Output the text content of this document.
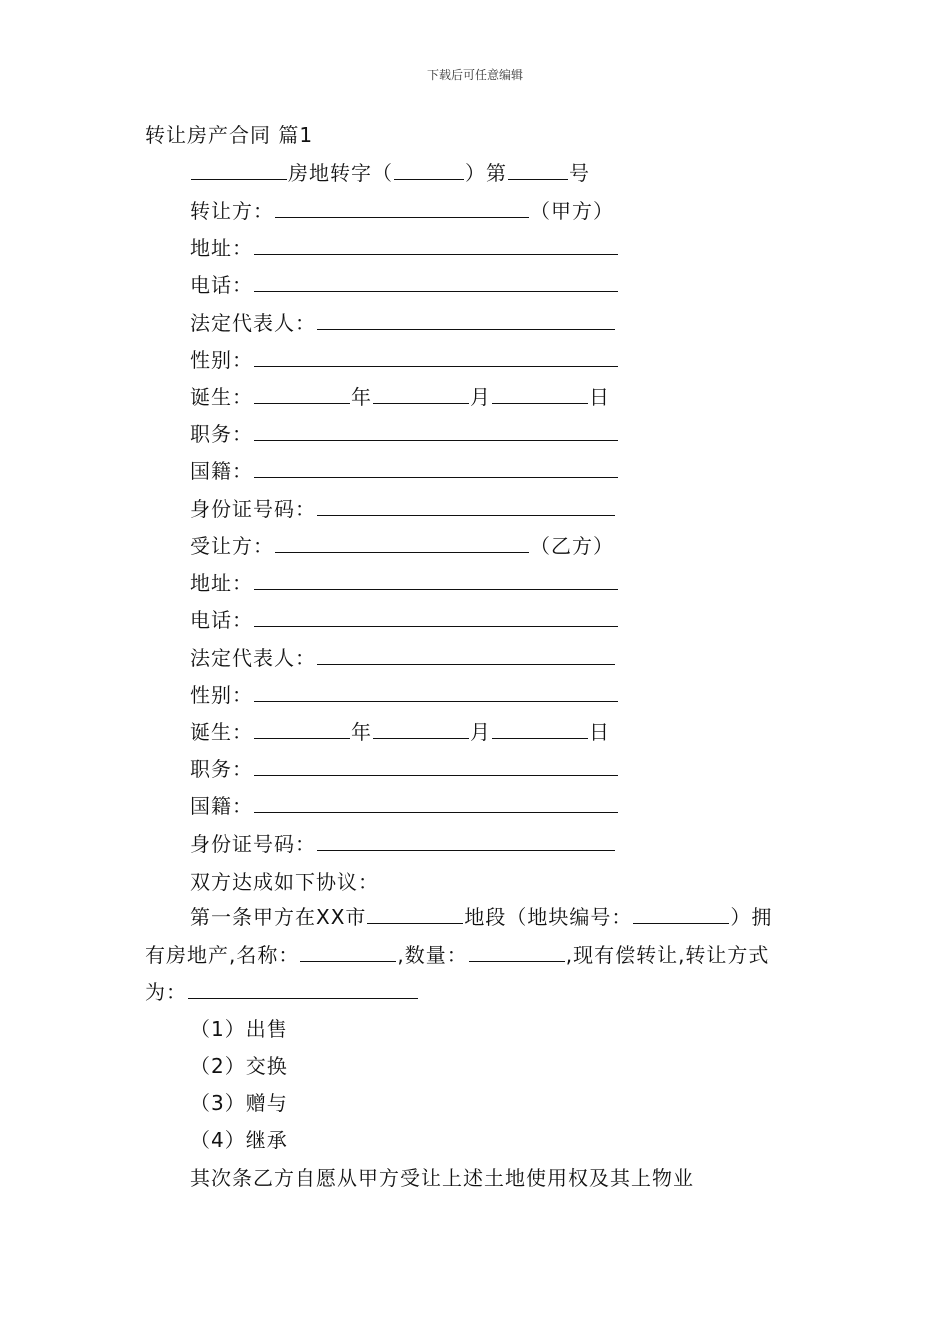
下载后可任意编辑
转让房产合同 篇1
房地转字（	）第	号
转让方：	（甲方）
地址：
电话：
法定代表人：
性别：
诞生：	年	月	日
职务：
国籍：
身份证号码：
受让方：	（乙方）
地址：
电话：
法定代表人：
性别：
诞生：	年	月	日
职务：
国籍：
身份证号码：
双方达成如下协议：
第一条甲方在XX市	地段（地块编号：	）拥
有房地产,名称：	,数量：	,现有偿转让,转让方式
为：
（1）出售
（2）交换
（3）赠与
（4）继承
其次条乙方自愿从甲方受让上述土地使用权及其上物业
